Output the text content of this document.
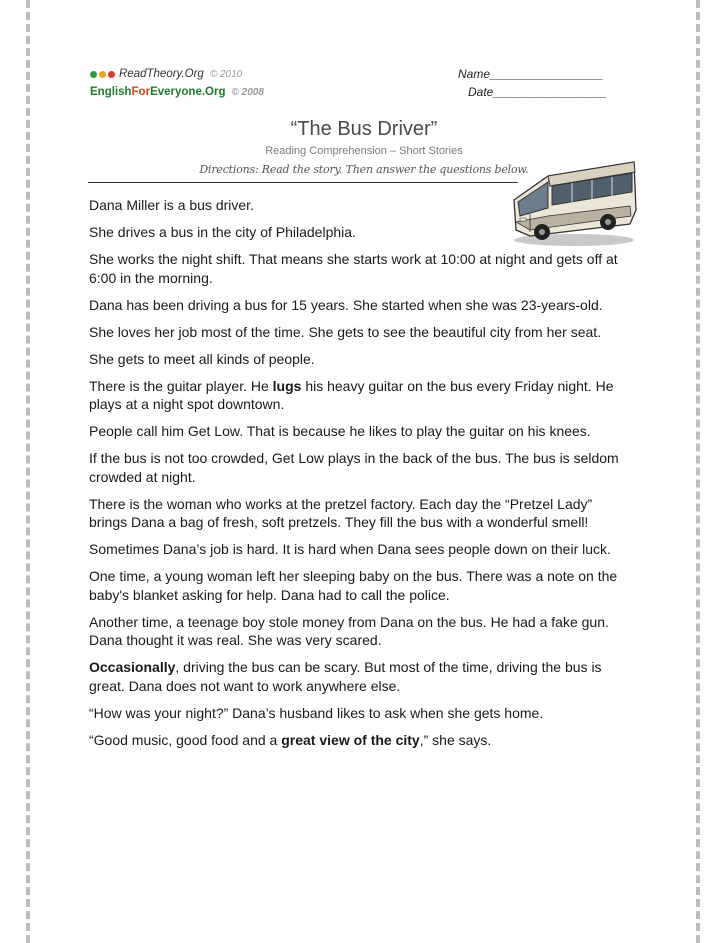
ReadTheory.Org © 2010
English For Everyone.Org © 2008
Name_________________
Date_________________
“The Bus Driver”
Reading Comprehension – Short Stories
Directions: Read the story. Then answer the questions below.

Dana Miller is a bus driver.

She drives a bus in the city of Philadelphia.

She works the night shift. That means she starts work at 10:00 at night and gets off at 6:00 in the morning.

Dana has been driving a bus for 15 years. She started when she was 23-years-old.

She loves her job most of the time. She gets to see the beautiful city from her seat.

She gets to meet all kinds of people.

There is the guitar player. He lugs his heavy guitar on the bus every Friday night. He plays at a night spot downtown.

People call him Get Low. That is because he likes to play the guitar on his knees.

If the bus is not too crowded, Get Low plays in the back of the bus. The bus is seldom crowded at night.

There is the woman who works at the pretzel factory. Each day the “Pretzel Lady” brings Dana a bag of fresh, soft pretzels. They fill the bus with a wonderful smell!

Sometimes Dana’s job is hard. It is hard when Dana sees people down on their luck.

One time, a young woman left her sleeping baby on the bus. There was a note on the baby's blanket asking for help. Dana had to call the police.

Another time, a teenage boy stole money from Dana on the bus. He had a fake gun. Dana thought it was real. She was very scared.

Occasionally, driving the bus can be scary. But most of the time, driving the bus is great. Dana does not want to work anywhere else.

“How was your night?” Dana’s husband likes to ask when she gets home.

“Good music, good food and a great view of the city,” she says.
